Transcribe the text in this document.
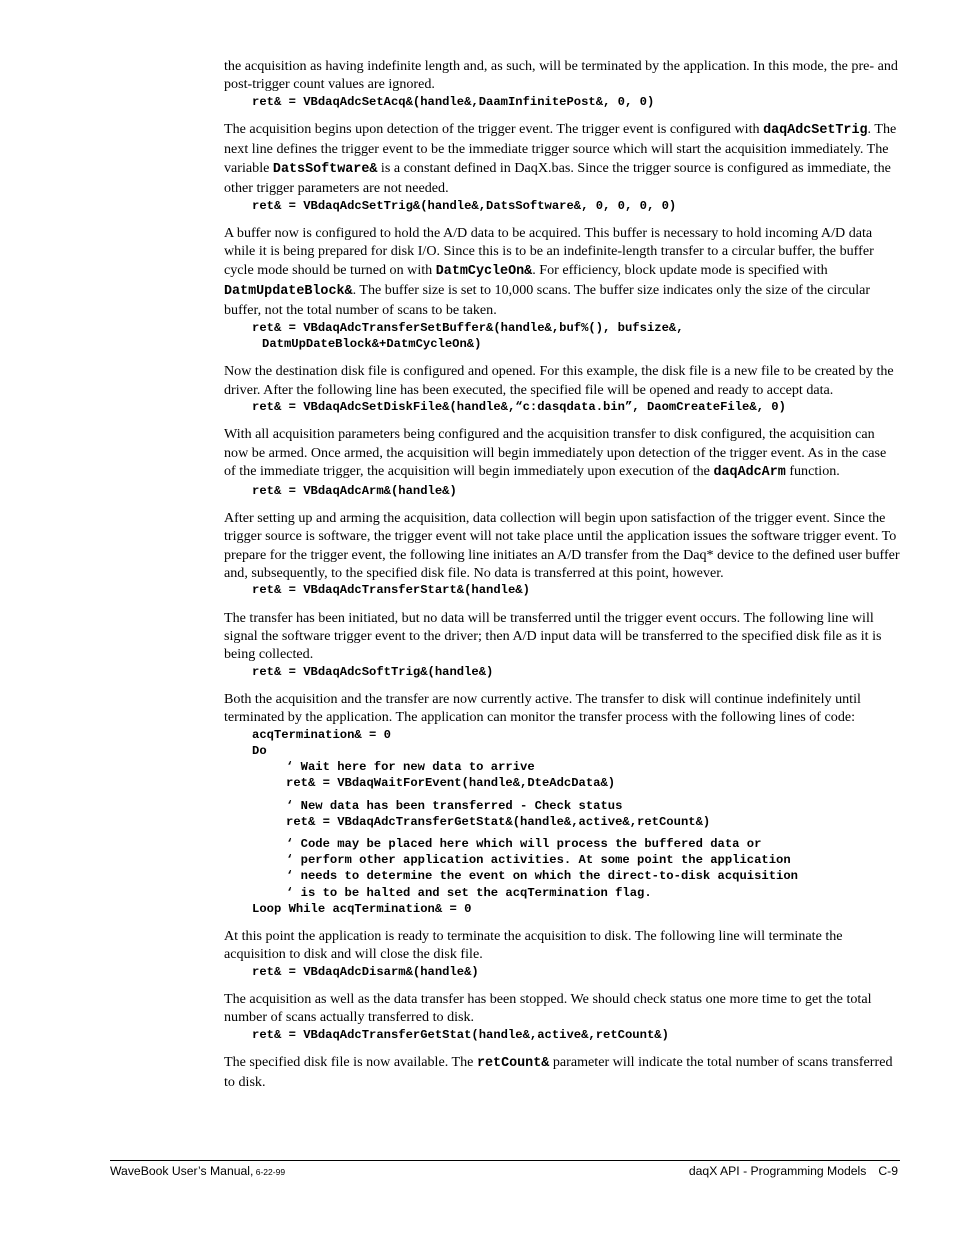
the acquisition as having indefinite length and, as such, will be terminated by the application. In this mode, the pre- and post-trigger count values are ignored.

ret& = VBdaqAdcSetAcq&(handle&,DaamInfinitePost&, 0, 0)

The acquisition begins upon detection of the trigger event. The trigger event is configured with daqAdcSetTrig. The next line defines the trigger event to be the immediate trigger source which will start the acquisition immediately. The variable DatsSoftware& is a constant defined in DaqX.bas. Since the trigger source is configured as immediate, the other trigger parameters are not needed.

ret& = VBdaqAdcSetTrig&(handle&,DatsSoftware&, 0, 0, 0, 0)

A buffer now is configured to hold the A/D data to be acquired. This buffer is necessary to hold incoming A/D data while it is being prepared for disk I/O. Since this is to be an indefinite-length transfer to a circular buffer, the buffer cycle mode should be turned on with DatmCycleOn&. For efficiency, block update mode is specified with DatmUpdateBlock&. The buffer size is set to 10,000 scans. The buffer size indicates only the size of the circular buffer, not the total number of scans to be taken.

ret& = VBdaqAdcTransferSetBuffer&(handle&,buf%(), bufsize&,
DatmUpDateBlock&+DatmCycleOn&)

Now the destination disk file is configured and opened. For this example, the disk file is a new file to be created by the driver. After the following line has been executed, the specified file will be opened and ready to accept data.

ret& = VBdaqAdcSetDiskFile&(handle&,“c:dasqdata.bin”, DaomCreateFile&, 0)

With all acquisition parameters being configured and the acquisition transfer to disk configured, the acquisition can now be armed. Once armed, the acquisition will begin immediately upon detection of the trigger event. As in the case of the immediate trigger, the acquisition will begin immediately upon execution of the daqAdcArm function.

ret& = VBdaqAdcArm&(handle&)

After setting up and arming the acquisition, data collection will begin upon satisfaction of the trigger event. Since the trigger source is software, the trigger event will not take place until the application issues the software trigger event. To prepare for the trigger event, the following line initiates an A/D transfer from the Daq* device to the defined user buffer and, subsequently, to the specified disk file. No data is transferred at this point, however.

ret& = VBdaqAdcTransferStart&(handle&)

The transfer has been initiated, but no data will be transferred until the trigger event occurs. The following line will signal the software trigger event to the driver; then A/D input data will be transferred to the specified disk file as it is being collected.

ret& = VBdaqAdcSoftTrig&(handle&)

Both the acquisition and the transfer are now currently active. The transfer to disk will continue indefinitely until terminated by the application. The application can monitor the transfer process with the following lines of code:

acqTermination& = 0
Do
‘ Wait here for new data to arrive
ret& = VBdaqWaitForEvent(handle&,DteAdcData&)
‘ New data has been transferred - Check status
ret& = VBdaqAdcTransferGetStat&(handle&,active&,retCount&)
‘ Code may be placed here which will process the buffered data or
‘ perform other application activities. At some point the application
‘ needs to determine the event on which the direct-to-disk acquisition
‘ is to be halted and set the acqTermination flag.
Loop While acqTermination& = 0

At this point the application is ready to terminate the acquisition to disk. The following line will terminate the acquisition to disk and will close the disk file.

ret& = VBdaqAdcDisarm&(handle&)

The acquisition as well as the data transfer has been stopped. We should check status one more time to get the total number of scans actually transferred to disk.

ret& = VBdaqAdcTransferGetStat(handle&,active&,retCount&)

The specified disk file is now available. The retCount& parameter will indicate the total number of scans transferred to disk.

WaveBook User’s Manual, 6-22-99	daqX API - Programming Models C-9
